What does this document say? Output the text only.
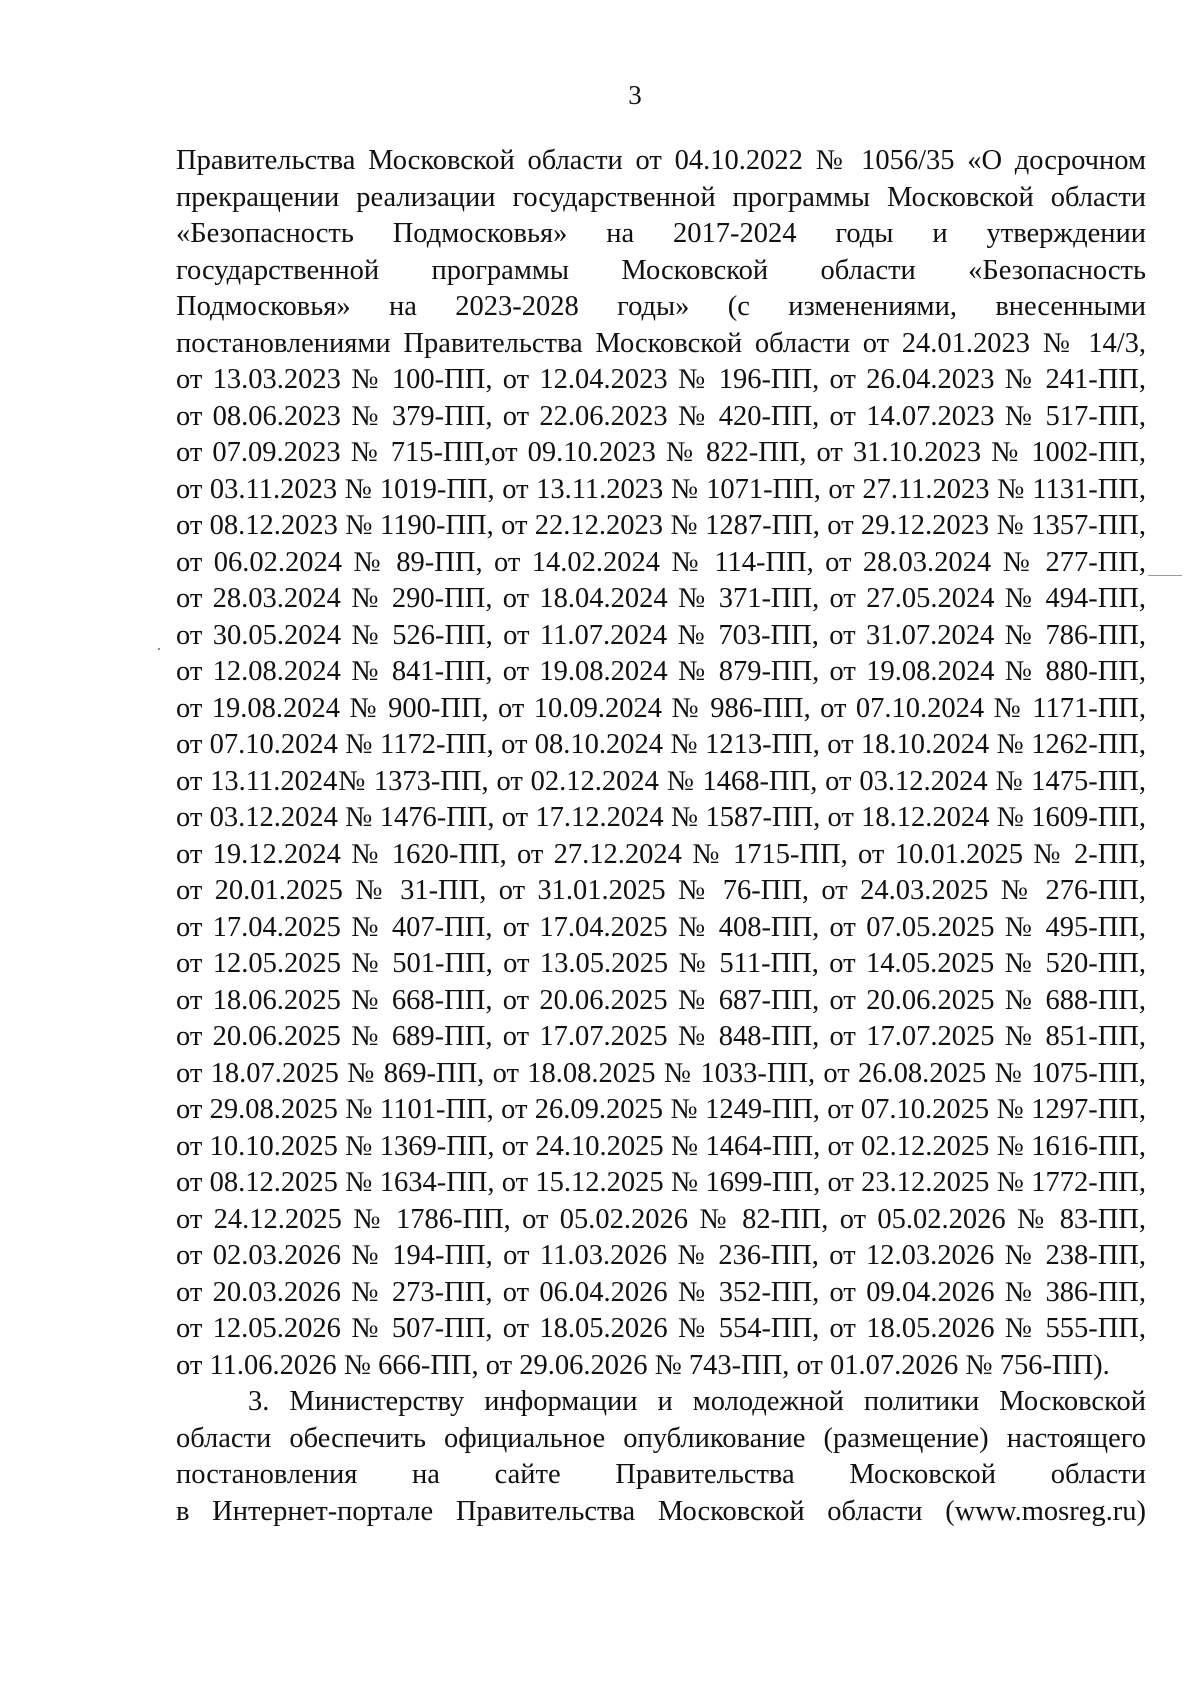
3
Правительства Московской области от 04.10.2022 № 1056/35 «О досрочном
прекращении реализации государственной программы Московской области
«Безопасность Подмосковья» на 2017-2024 годы и утверждении
государственной программы Московской области «Безопасность
Подмосковья» на 2023-2028 годы» (с изменениями, внесенными
постановлениями Правительства Московской области от 24.01.2023 № 14/3,
от 13.03.2023 № 100-ПП, от 12.04.2023 № 196-ПП, от 26.04.2023 № 241-ПП,
от 08.06.2023 № 379-ПП, от 22.06.2023 № 420-ПП, от 14.07.2023 № 517-ПП,
от 07.09.2023 № 715-ПП,от 09.10.2023 № 822-ПП, от 31.10.2023 № 1002-ПП,
от 03.11.2023 № 1019-ПП, от 13.11.2023 № 1071-ПП, от 27.11.2023 № 1131-ПП,
от 08.12.2023 № 1190-ПП, от 22.12.2023 № 1287-ПП, от 29.12.2023 № 1357-ПП,
от 06.02.2024 № 89-ПП, от 14.02.2024 № 114-ПП, от 28.03.2024 № 277-ПП,
от 28.03.2024 № 290-ПП, от 18.04.2024 № 371-ПП, от 27.05.2024 № 494-ПП,
от 30.05.2024 № 526-ПП, от 11.07.2024 № 703-ПП, от 31.07.2024 № 786-ПП,
от 12.08.2024 № 841-ПП, от 19.08.2024 № 879-ПП, от 19.08.2024 № 880-ПП,
от 19.08.2024 № 900-ПП, от 10.09.2024 № 986-ПП, от 07.10.2024 № 1171-ПП,
от 07.10.2024 № 1172-ПП, от 08.10.2024 № 1213-ПП, от 18.10.2024 № 1262-ПП,
от 13.11.2024№ 1373-ПП, от 02.12.2024 № 1468-ПП, от 03.12.2024 № 1475-ПП,
от 03.12.2024 № 1476-ПП, от 17.12.2024 № 1587-ПП, от 18.12.2024 № 1609-ПП,
от 19.12.2024 № 1620-ПП, от 27.12.2024 № 1715-ПП, от 10.01.2025 № 2-ПП,
от 20.01.2025 № 31-ПП, от 31.01.2025 № 76-ПП, от 24.03.2025 № 276-ПП,
от 17.04.2025 № 407-ПП, от 17.04.2025 № 408-ПП, от 07.05.2025 № 495-ПП,
от 12.05.2025 № 501-ПП, от 13.05.2025 № 511-ПП, от 14.05.2025 № 520-ПП,
от 18.06.2025 № 668-ПП, от 20.06.2025 № 687-ПП, от 20.06.2025 № 688-ПП,
от 20.06.2025 № 689-ПП, от 17.07.2025 № 848-ПП, от 17.07.2025 № 851-ПП,
от 18.07.2025 № 869-ПП, от 18.08.2025 № 1033-ПП, от 26.08.2025 № 1075-ПП,
от 29.08.2025 № 1101-ПП, от 26.09.2025 № 1249-ПП, от 07.10.2025 № 1297-ПП,
от 10.10.2025 № 1369-ПП, от 24.10.2025 № 1464-ПП, от 02.12.2025 № 1616-ПП,
от 08.12.2025 № 1634-ПП, от 15.12.2025 № 1699-ПП, от 23.12.2025 № 1772-ПП,
от 24.12.2025 № 1786-ПП, от 05.02.2026 № 82-ПП, от 05.02.2026 № 83-ПП,
от 02.03.2026 № 194-ПП, от 11.03.2026 № 236-ПП, от 12.03.2026 № 238-ПП,
от 20.03.2026 № 273-ПП, от 06.04.2026 № 352-ПП, от 09.04.2026 № 386-ПП,
от 12.05.2026 № 507-ПП, от 18.05.2026 № 554-ПП, от 18.05.2026 № 555-ПП,
от 11.06.2026 № 666-ПП, от 29.06.2026 № 743-ПП, от 01.07.2026 № 756-ПП).
3. Министерству информации и молодежной политики Московской
области обеспечить официальное опубликование (размещение) настоящего
постановления на сайте Правительства Московской области
в Интернет-портале Правительства Московской области (www.mosreg.ru)
